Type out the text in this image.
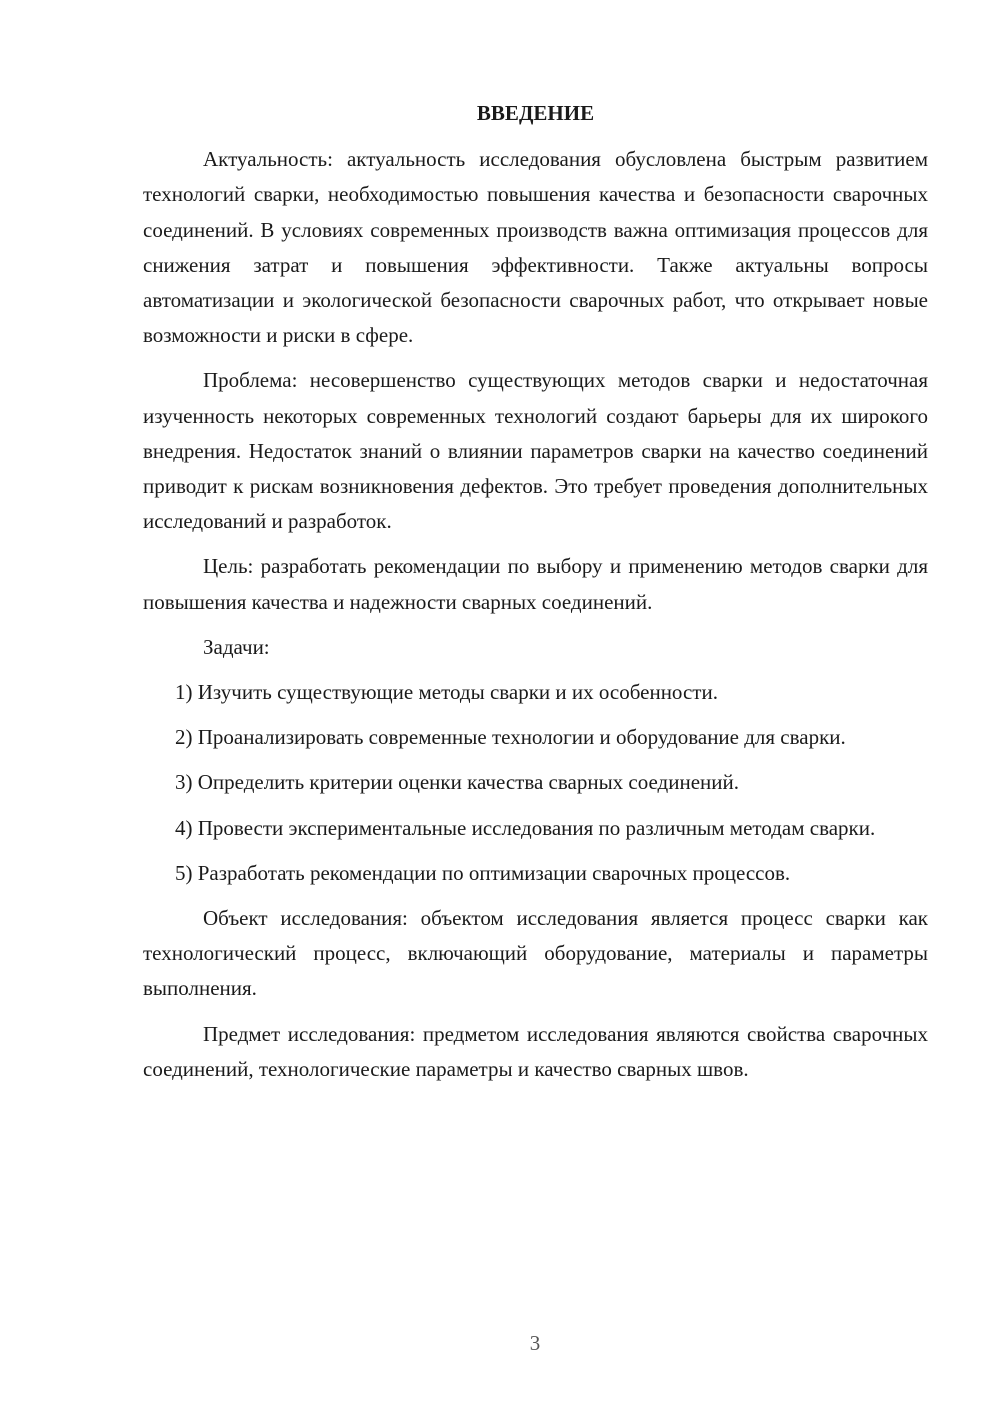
ВВЕДЕНИЕ

Актуальность: актуальность исследования обусловлена быстрым развитием технологий сварки, необходимостью повышения качества и безопасности сварочных соединений. В условиях современных производств важна оптимизация процессов для снижения затрат и повышения эффективности. Также актуальны вопросы автоматизации и экологической безопасности сварочных работ, что открывает новые возможности и риски в сфере.

Проблема: несовершенство существующих методов сварки и недостаточная изученность некоторых современных технологий создают барьеры для их широкого внедрения. Недостаток знаний о влиянии параметров сварки на качество соединений приводит к рискам возникновения дефектов. Это требует проведения дополнительных исследований и разработок.

Цель: разработать рекомендации по выбору и применению методов сварки для повышения качества и надежности сварных соединений.

Задачи:

1) Изучить существующие методы сварки и их особенности.

2) Проанализировать современные технологии и оборудование для сварки.

3) Определить критерии оценки качества сварных соединений.

4) Провести экспериментальные исследования по различным методам сварки.

5) Разработать рекомендации по оптимизации сварочных процессов.

Объект исследования: объектом исследования является процесс сварки как технологический процесс, включающий оборудование, материалы и параметры выполнения.

Предмет исследования: предметом исследования являются свойства сварочных соединений, технологические параметры и качество сварных швов.

3
